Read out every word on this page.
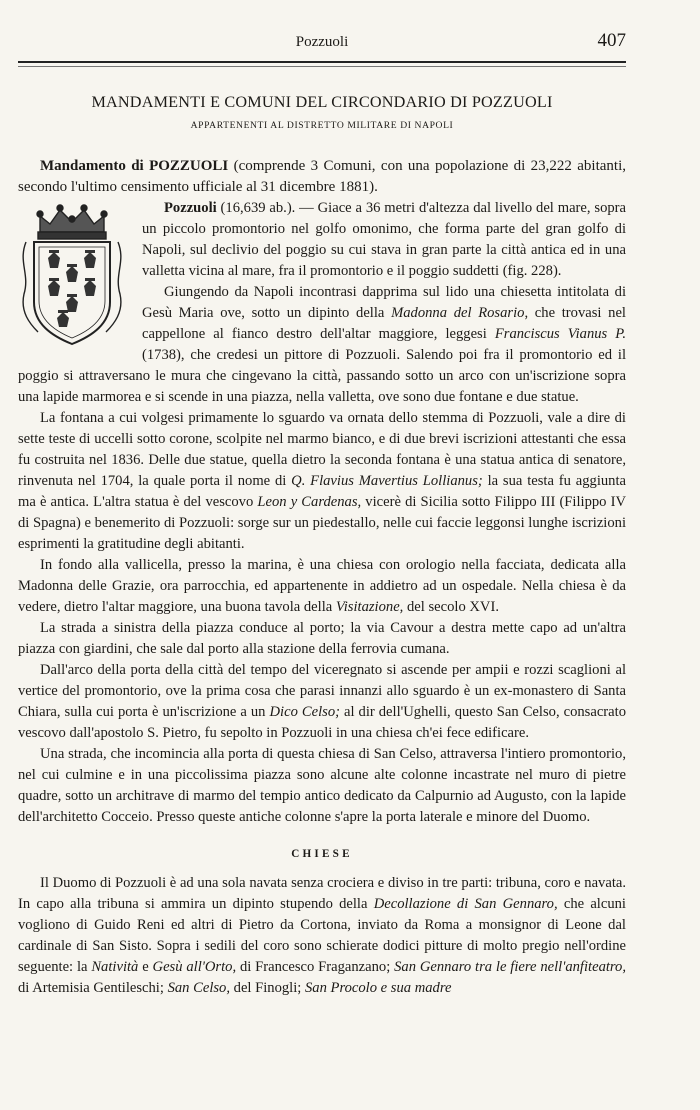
Pozzuoli	407
MANDAMENTI E COMUNI DEL CIRCONDARIO DI POZZUOLI
APPARTENENTI AL DISTRETTO MILITARE DI NAPOLI

Mandamento di POZZUOLI (comprende 3 Comuni, con una popolazione di 23,222 abitanti, secondo l'ultimo censimento ufficiale al 31 dicembre 1881).

Pozzuoli (16,639 ab.). — Giace a 36 metri d'altezza dal livello del mare, sopra un piccolo promontorio nel golfo omonimo, che forma parte del gran golfo di Napoli, sul declivio del poggio su cui stava in gran parte la città antica ed in una valletta vicina al mare, fra il promontorio e il poggio suddetti (fig. 228).

Giungendo da Napoli incontrasi dapprima sul lido una chiesetta intitolata di Gesù Maria ove, sotto un dipinto della Madonna del Rosario, che trovasi nel cappellone al fianco destro dell'altar maggiore, leggesi Franciscus Vianus P. (1738), che credesi un pittore di Pozzuoli. Salendo poi fra il promontorio ed il poggio si attraversano le mura che cingevano la città, passando sotto un arco con un'iscrizione sopra una lapide marmorea e si scende in una piazza, nella valletta, ove sono due fontane e due statue.

La fontana a cui volgesi primamente lo sguardo va ornata dello stemma di Pozzuoli, vale a dire di sette teste di uccelli sotto corone, scolpite nel marmo bianco, e di due brevi iscrizioni attestanti che essa fu costruita nel 1836. Delle due statue, quella dietro la seconda fontana è una statua antica di senatore, rinvenuta nel 1704, la quale porta il nome di Q. Flavius Mavertius Lollianus; la sua testa fu aggiunta ma è antica. L'altra statua è del vescovo Leon y Cardenas, vicerè di Sicilia sotto Filippo III (Filippo IV di Spagna) e benemerito di Pozzuoli: sorge sur un piedestallo, nelle cui faccie leggonsi lunghe iscrizioni esprimenti la gratitudine degli abitanti.

In fondo alla vallicella, presso la marina, è una chiesa con orologio nella facciata, dedicata alla Madonna delle Grazie, ora parrocchia, ed appartenente in addietro ad un ospedale. Nella chiesa è da vedere, dietro l'altar maggiore, una buona tavola della Visitazione, del secolo XVI.

La strada a sinistra della piazza conduce al porto; la via Cavour a destra mette capo ad un'altra piazza con giardini, che sale dal porto alla stazione della ferrovia cumana.

Dall'arco della porta della città del tempo del viceregnato si ascende per ampii e rozzi scaglioni al vertice del promontorio, ove la prima cosa che parasi innanzi allo sguardo è un ex-monastero di Santa Chiara, sulla cui porta è un'iscrizione a un Dico Celso; al dir dell'Ughelli, questo San Celso, consacrato vescovo dall'apostolo S. Pietro, fu sepolto in Pozzuoli in una chiesa ch'ei fece edificare.

Una strada, che incomincia alla porta di questa chiesa di San Celso, attraversa l'intiero promontorio, nel cui culmine e in una piccolissima piazza sono alcune alte colonne incastrate nel muro di pietre quadre, sotto un architrave di marmo del tempio antico dedicato da Calpurnio ad Augusto, con la lapide dell'architetto Cocceio. Presso queste antiche colonne s'apre la porta laterale e minore del Duomo.

CHIESE

Il Duomo di Pozzuoli è ad una sola navata senza crociera e diviso in tre parti: tribuna, coro e navata. In capo alla tribuna si ammira un dipinto stupendo della Decollazione di San Gennaro, che alcuni vogliono di Guido Reni ed altri di Pietro da Cortona, inviato da Roma a monsignor di Leone dal cardinale di San Sisto. Sopra i sedili del coro sono schierate dodici pitture di molto pregio nell'ordine seguente: la Natività e Gesù all'Orto, di Francesco Fraganzano; San Gennaro tra le fiere nell'anfiteatro, di Artemisia Gentileschi; San Celso, del Finogli; San Procolo e sua madre
